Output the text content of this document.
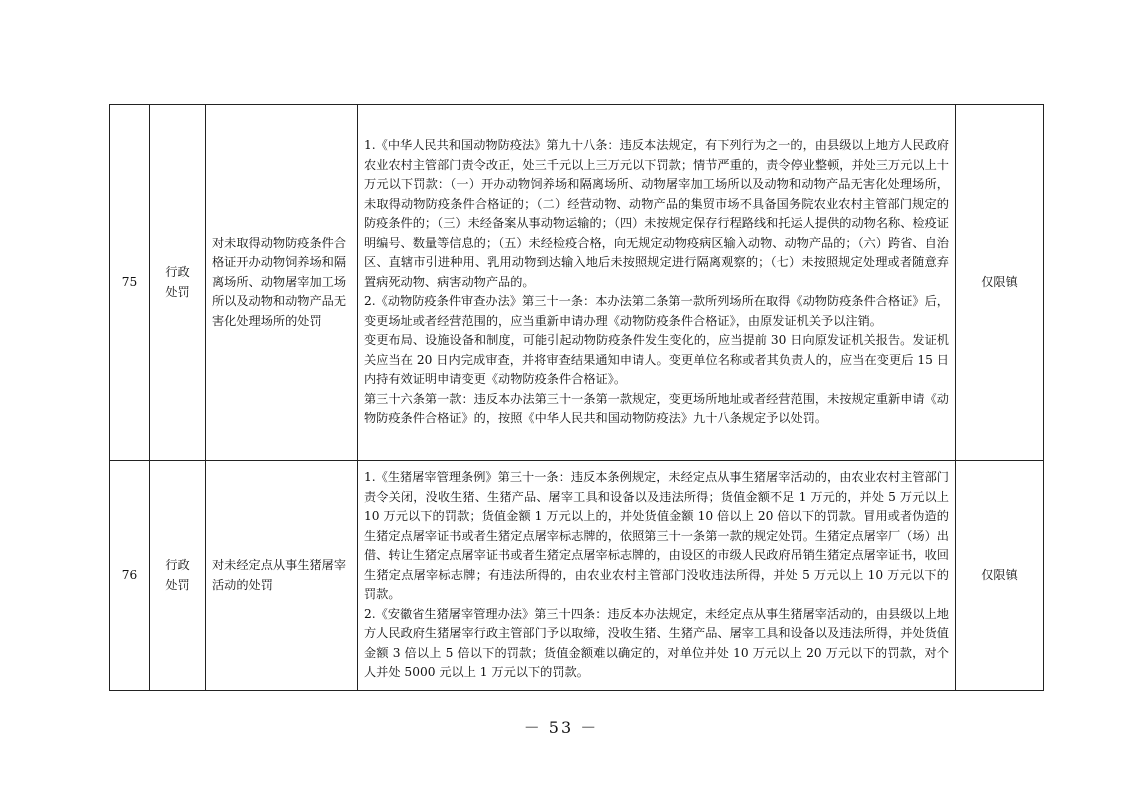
75	行政处罚	对未取得动物防疫条件合格证开办动物饲养场和隔离场所、动物屠宰加工场所以及动物和动物产品无害化处理场所的处罚	1.《中华人民共和国动物防疫法》第九十八条：违反本法规定，有下列行为之一的，由县级以上地方人民政府农业农村主管部门责令改正，处三千元以上三万元以下罚款；情节严重的，责令停业整顿，并处三万元以上十万元以下罚款：（一）开办动物饲养场和隔离场所、动物屠宰加工场所以及动物和动物产品无害化处理场所，未取得动物防疫条件合格证的；（二）经营动物、动物产品的集贸市场不具备国务院农业农村主管部门规定的防疫条件的；（三）未经备案从事动物运输的；（四）未按规定保存行程路线和托运人提供的动物名称、检疫证明编号、数量等信息的；（五）未经检疫合格，向无规定动物疫病区输入动物、动物产品的；（六）跨省、自治区、直辖市引进种用、乳用动物到达输入地后未按照规定进行隔离观察的；（七）未按照规定处理或者随意弃置病死动物、病害动物产品的。
2.《动物防疫条件审查办法》第三十一条：本办法第二条第一款所列场所在取得《动物防疫条件合格证》后，变更场址或者经营范围的，应当重新申请办理《动物防疫条件合格证》，由原发证机关予以注销。
变更布局、设施设备和制度，可能引起动物防疫条件发生变化的，应当提前 30 日向原发证机关报告。发证机关应当在 20 日内完成审查，并将审查结果通知申请人。变更单位名称或者其负责人的，应当在变更后 15 日内持有效证明申请变更《动物防疫条件合格证》。
第三十六条第一款：违反本办法第三十一条第一款规定，变更场所地址或者经营范围，未按规定重新申请《动物防疫条件合格证》的，按照《中华人民共和国动物防疫法》九十八条规定予以处罚。	仅限镇
76	行政处罚	对未经定点从事生猪屠宰活动的处罚	1.《生猪屠宰管理条例》第三十一条：违反本条例规定，未经定点从事生猪屠宰活动的，由农业农村主管部门责令关闭，没收生猪、生猪产品、屠宰工具和设备以及违法所得；货值金额不足 1 万元的，并处 5 万元以上 10 万元以下的罚款；货值金额 1 万元以上的，并处货值金额 10 倍以上 20 倍以下的罚款。冒用或者伪造的生猪定点屠宰证书或者生猪定点屠宰标志牌的，依照第三十一条第一款的规定处罚。生猪定点屠宰厂（场）出借、转让生猪定点屠宰证书或者生猪定点屠宰标志牌的，由设区的市级人民政府吊销生猪定点屠宰证书，收回生猪定点屠宰标志牌；有违法所得的，由农业农村主管部门没收违法所得，并处 5 万元以上 10 万元以下的罚款。
2.《安徽省生猪屠宰管理办法》第三十四条：违反本办法规定，未经定点从事生猪屠宰活动的，由县级以上地方人民政府生猪屠宰行政主管部门予以取缔，没收生猪、生猪产品、屠宰工具和设备以及违法所得，并处货值金额 3 倍以上 5 倍以下的罚款；货值金额难以确定的，对单位并处 10 万元以上 20 万元以下的罚款，对个人并处 5000 元以上 1 万元以下的罚款。	仅限镇
－ 53 －
